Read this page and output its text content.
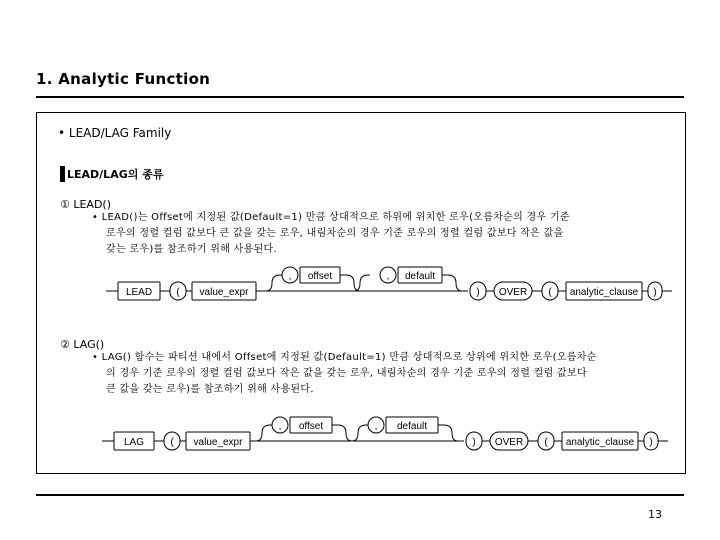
1. Analytic Function
• LEAD/LAG Family
LEAD/LAG의 종류
① LEAD()
• LEAD()는 Offset에 지정된 값(Default=1) 만큼 상대적으로 하위에 위치한 로우(오름차순의 경우 기준
로우의 정렬 컬럼 값보다 큰 값을 갖는 로우, 내림차순의 경우 기준 로우의 정렬 컬럼 값보다 작은 값을
갖는 로우)를 참조하기 위해 사용된다.
LEAD ( value_expr
, offset	, default
) OVER ( analytic_clause )
② LAG()
• LAG() 함수는 파티션 내에서 Offset에 지정된 값(Default=1) 만큼 상대적으로 상위에 위치한 로우(오름차순
의 경우 기준 로우의 정렬 컬럼 값보다 작은 값을 갖는 로우, 내림차순의 경우 기준 로우의 정렬 컬럼 값보다
큰 값을 갖는 로우)를 참조하기 위해 사용된다.
LAG	( value_expr
, offset	, default
) OVER ( analytic_clause )
13
